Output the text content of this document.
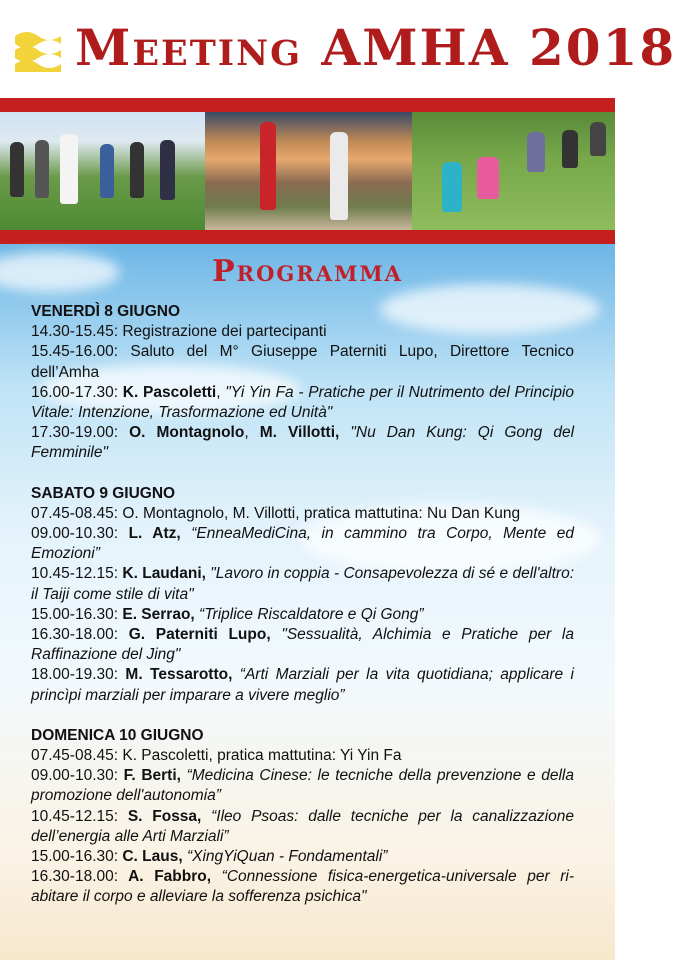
Meeting AMHA 2018
Programma
VENERDÌ 8 GIUGNO
14.30-15.45: Registrazione dei partecipanti
15.45-16.00: Saluto del M° Giuseppe Paterniti Lupo, Direttore Tecnico dell’Amha
16.00-17.30: K. Pascoletti, "Yi Yin Fa - Pratiche per il Nutrimento del Principio Vitale: Intenzione, Trasformazione ed Unità"
17.30-19.00: O. Montagnolo, M. Villotti, "Nu Dan Kung: Qi Gong del Femminile"
SABATO 9 GIUGNO
07.45-08.45: O. Montagnolo, M. Villotti, pratica mattutina: Nu Dan Kung
09.00-10.30: L. Atz, “EnneaMediCina, in cammino tra Corpo, Mente ed Emozioni”
10.45-12.15: K. Laudani, "Lavoro in coppia - Consapevolezza di sé e dell'altro: il Taiji come stile di vita"
15.00-16.30: E. Serrao, “Triplice Riscaldatore e Qi Gong”
16.30-18.00: G. Paterniti Lupo, "Sessualità, Alchimia e Pratiche per la Raffinazione del Jing"
18.00-19.30: M. Tessarotto, “Arti Marziali per la vita quotidiana; applicare i princìpi marziali per imparare a vivere meglio”
DOMENICA 10 GIUGNO
07.45-08.45: K. Pascoletti, pratica mattutina: Yi Yin Fa
09.00-10.30: F. Berti, “Medicina Cinese: le tecniche della prevenzione e della promozione dell'autonomia”
10.45-12.15: S. Fossa, “Ileo Psoas: dalle tecniche per la canalizzazione dell’energia alle Arti Marziali”
15.00-16.30: C. Laus, “XingYiQuan - Fondamentali”
16.30-18.00: A. Fabbro, “Connessione fisica-energetica-universale per ri-abitare il corpo e alleviare la sofferenza psichica"
